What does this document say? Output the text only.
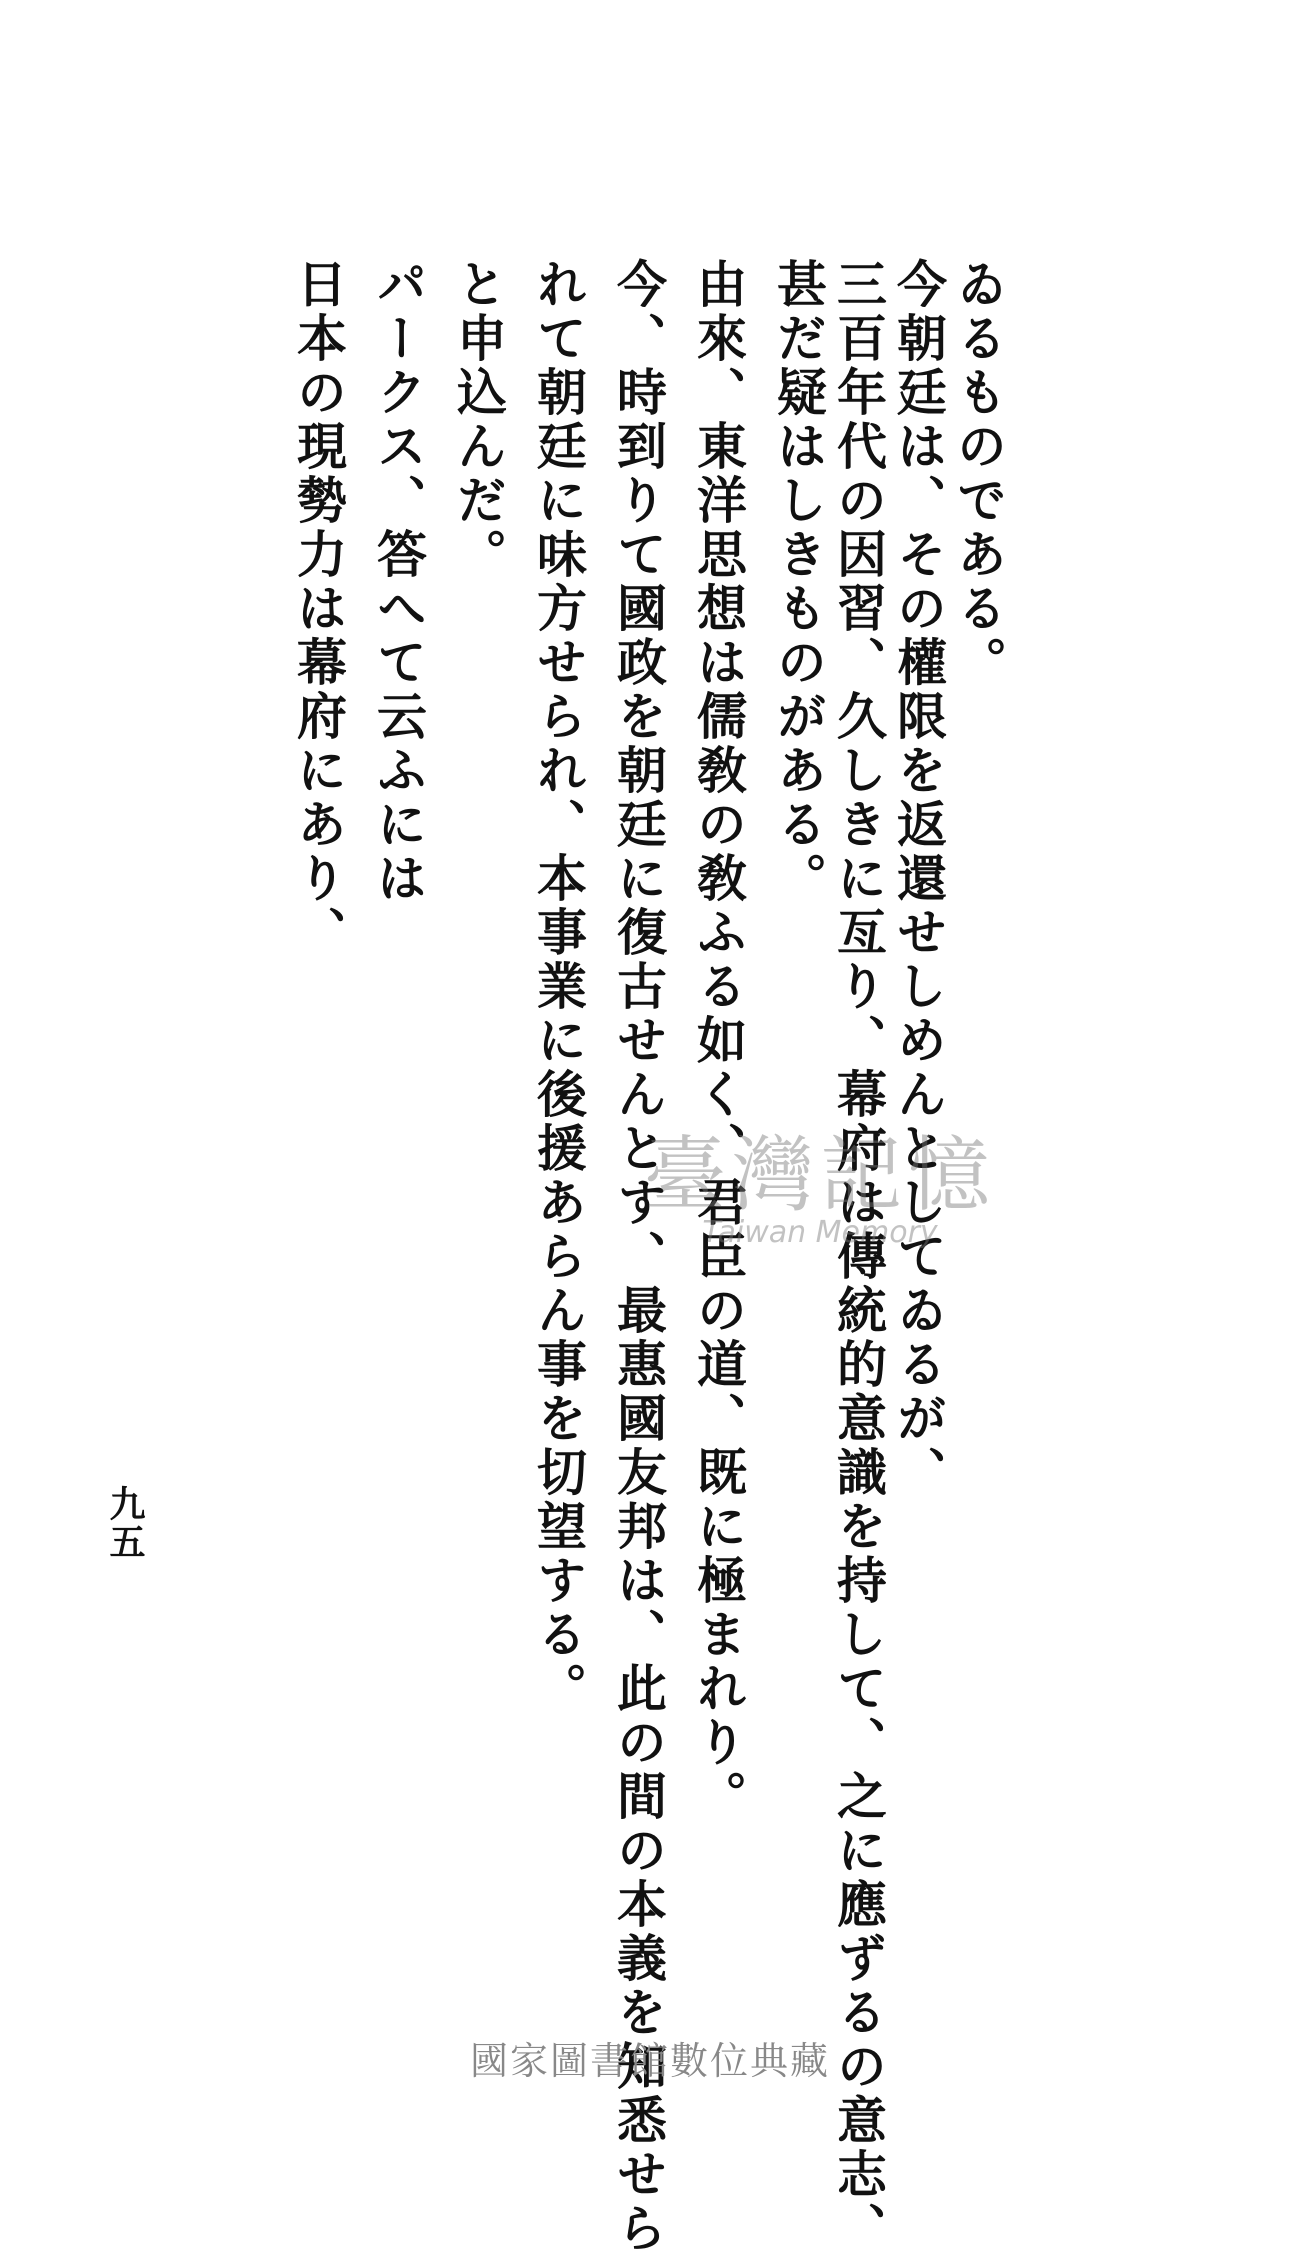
ゐるものである。
今朝廷は、その權限を返還せしめんとしてゐるが、
三百年代の因習、久しきに亙り、幕府は傳統的意識を持して、之に應ずるの意志、
甚だ疑はしきものがある。
由來、東洋思想は儒敎の敎ふる如く、君臣の道、既に極まれり。
今、時到りて國政を朝廷に復古せんとす、最惠國友邦は、此の間の本義を知悉せら
れて朝廷に味方せられ、本事業に後援あらん事を切望する。
と申込んだ。
パークス、答へて云ふには
日本の現勢力は幕府にあり、
九五
臺灣記憶
Taiwan Memory
國家圖書館數位典藏
